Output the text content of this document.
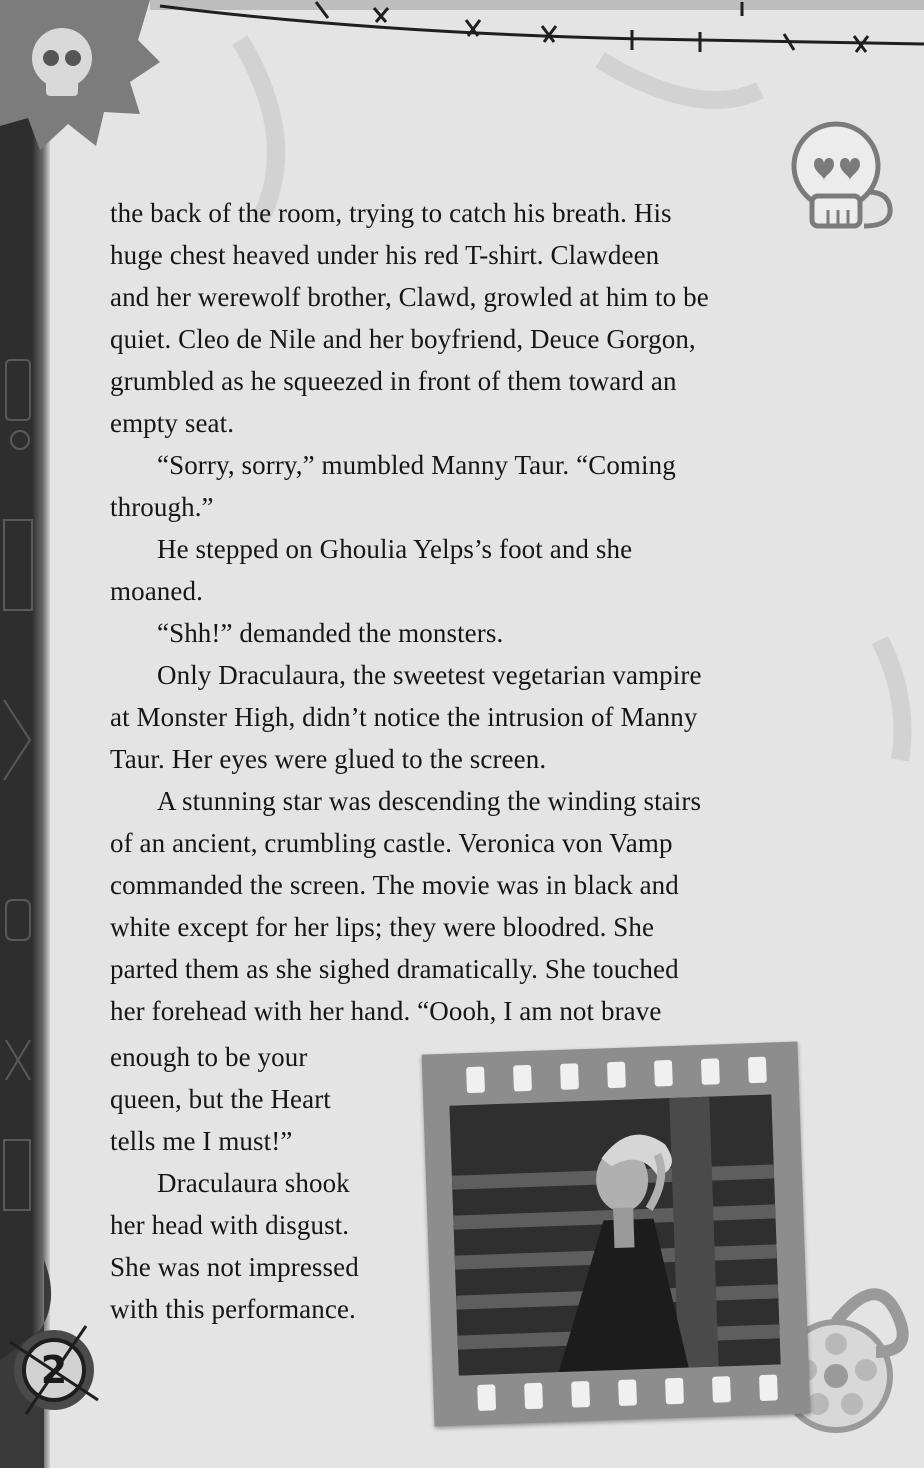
the back of the room, trying to catch his breath. His
huge chest heaved under his red T-shirt. Clawdeen
and her werewolf brother, Clawd, growled at him to be
quiet. Cleo de Nile and her boyfriend, Deuce Gorgon,
grumbled as he squeezed in front of them toward an
empty seat.

“Sorry, sorry,” mumbled Manny Taur. “Coming
through.”

He stepped on Ghoulia Yelps’s foot and she
moaned.

“Shh!” demanded the monsters.

Only Draculaura, the sweetest vegetarian vampire
at Monster High, didn’t notice the intrusion of Manny
Taur. Her eyes were glued to the screen.

A stunning star was descending the winding stairs
of an ancient, crumbling castle. Veronica von Vamp
commanded the screen. The movie was in black and
white except for her lips; they were bloodred. She
parted them as she sighed dramatically. She touched
her forehead with her hand. “Oooh, I am not brave

enough to be your
queen, but the Heart
tells me I must!”

Draculaura shook
her head with disgust.
She was not impressed
with this performance.

2
